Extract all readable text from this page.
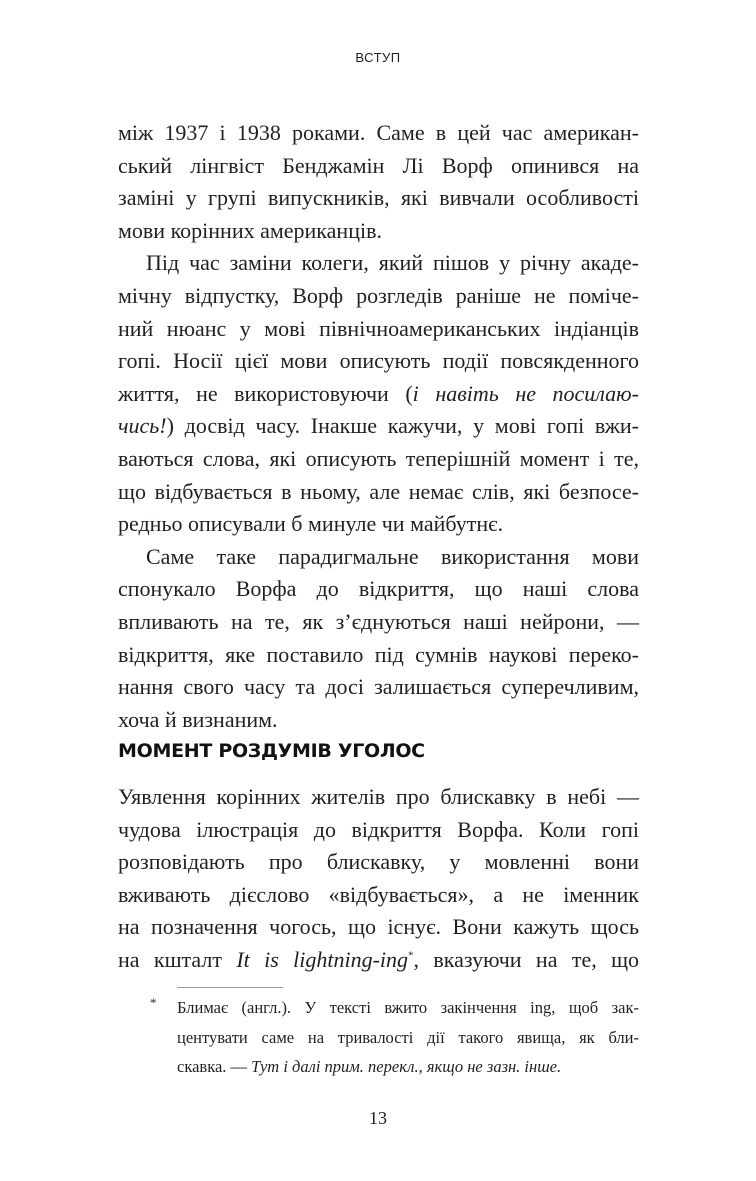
ВСТУП
між 1937 і 1938 роками. Саме в цей час американ-
ський лінгвіст Бенджамін Лі Ворф опинився на
заміні у групі випускників, які вивчали особливості
мови корінних американців.
Під час заміни колеги, який пішов у річну акаде-
мічну відпустку, Ворф розгледів раніше не поміче-
ний нюанс у мові північноамериканських індіанців
гопі. Носії цієї мови описують події повсякденного
життя, не використовуючи (і навіть не посилаю-
чись!) досвід часу. Інакше кажучи, у мові гопі вжи-
ваються слова, які описують теперішній момент і те,
що відбувається в ньому, але немає слів, які безпосе-
редньо описували б минуле чи майбутнє.
Саме таке парадигмальне використання мови
спонукало Ворфа до відкриття, що наші слова
впливають на те, як з’єднуються наші нейрони, —
відкриття, яке поставило під сумнів наукові переко-
нання свого часу та досі залишається суперечливим,
хоча й визнаним.
МОМЕНТ РОЗДУМІВ УГОЛОС
Уявлення корінних жителів про блискавку в небі —
чудова ілюстрація до відкриття Ворфа. Коли гопі
розповідають про блискавку, у мовленні вони
вживають дієслово «відбувається», а не іменник
на позначення чогось, що існує. Вони кажуть щось
на кшталт It is lightning-ing*, вказуючи на те, що
* Блимає (англ.). У тексті вжито закінчення ing, щоб зак-
центувати саме на тривалості дії такого явища, як бли-
скавка. — Тут і далі прим. перекл., якщо не зазн. інше.
13
